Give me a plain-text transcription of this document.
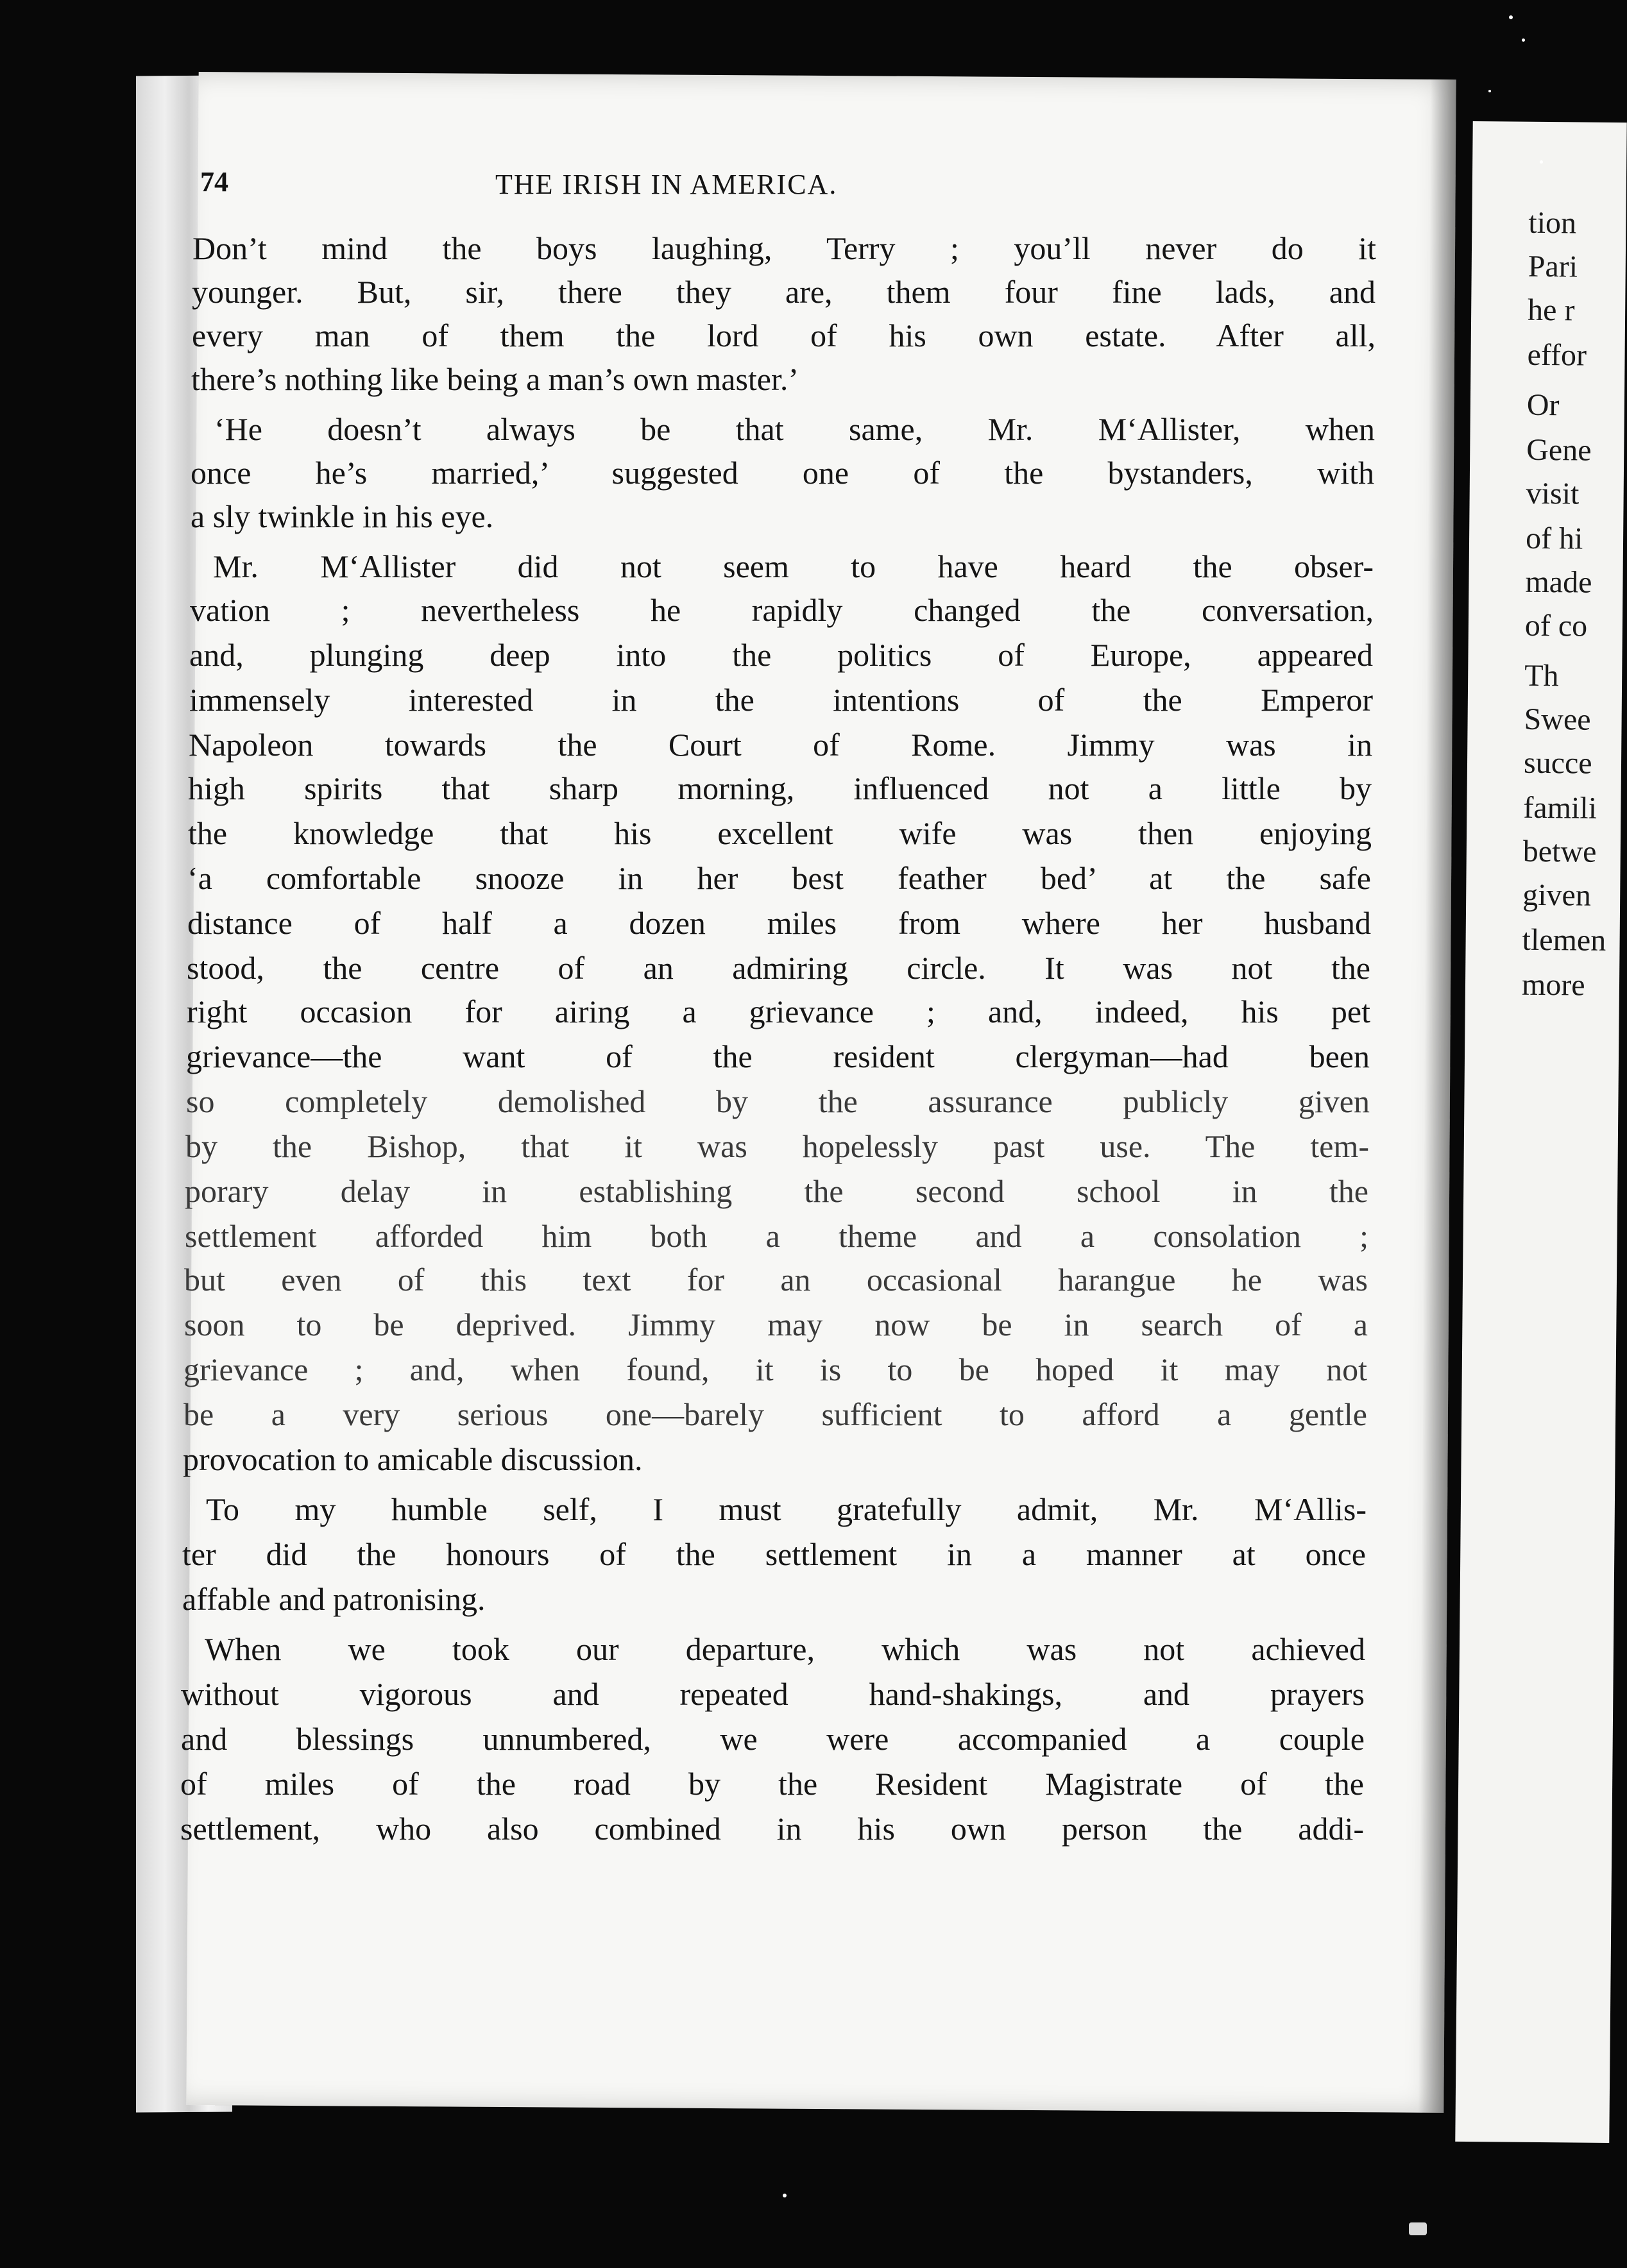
tion
Pari
he r
effor
Or
Gene
visit
of hi
made
of co
Th
Swee
succe
famili
betwe
given
tlemen
more
74	THE IRISH IN AMERICA.
Don’t mind the boys laughing, Terry ; you’ll never do it
younger. But, sir, there they are, them four fine lads, and
every man of them the lord of his own estate. After all,
there’s nothing like being a man’s own master.’
‘He doesn’t always be that same, Mr. M‘Allister, when
once he’s married,’ suggested one of the bystanders, with
a sly twinkle in his eye.
Mr. M‘Allister did not seem to have heard the obser-
vation ; nevertheless he rapidly changed the conversation,
and, plunging deep into the politics of Europe, appeared
immensely interested in the intentions of the Emperor
Napoleon towards the Court of Rome. Jimmy was in
high spirits that sharp morning, influenced not a little by
the knowledge that his excellent wife was then enjoying
‘a comfortable snooze in her best feather bed’ at the safe
distance of half a dozen miles from where her husband
stood, the centre of an admiring circle. It was not the
right occasion for airing a grievance ; and, indeed, his pet
grievance—the want of the resident clergyman—had been
so completely demolished by the assurance publicly given
by the Bishop, that it was hopelessly past use. The tem-
porary delay in establishing the second school in the
settlement afforded him both a theme and a consolation ;
but even of this text for an occasional harangue he was
soon to be deprived. Jimmy may now be in search of a
grievance ; and, when found, it is to be hoped it may not
be a very serious one—barely sufficient to afford a gentle
provocation to amicable discussion.
To my humble self, I must gratefully admit, Mr. M‘Allis-
ter did the honours of the settlement in a manner at once
affable and patronising.
When we took our departure, which was not achieved
without vigorous and repeated hand-shakings, and prayers
and blessings unnumbered, we were accompanied a couple
of miles of the road by the Resident Magistrate of the
settlement, who also combined in his own person the addi-
